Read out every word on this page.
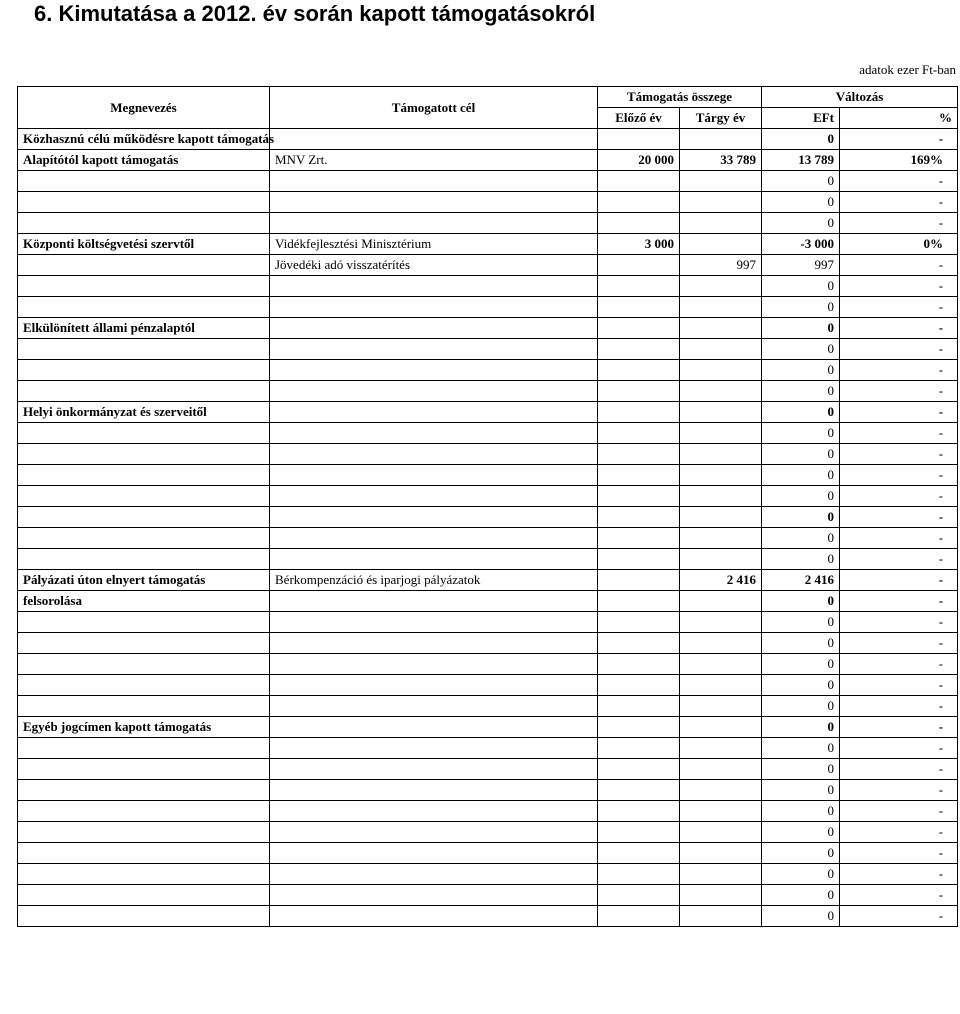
6. Kimutatása a 2012. év során kapott támogatásokról
adatok ezer Ft-ban
Megnevezés	Támogatott cél	Támogatás összege		Változás	
		Előző év	Tárgy év	EFt	%
Közhasznú célú működésre kapott támogatás				0	-
Alapítótól kapott támogatás	MNV Zrt.	20 000	33 789	13 789	169%
				0	-
				0	-
				0	-
Központi költségvetési szervtől	Vidékfejlesztési Minisztérium	3 000		-3 000	0%
	Jövedéki adó visszatérítés		997	997	-
				0	-
				0	-
Elkülönített állami pénzalaptól				0	-
				0	-
				0	-
				0	-
Helyi önkormányzat és szerveitől				0	-
				0	-
				0	-
				0	-
				0	-
				0	-
				0	-
				0	-
Pályázati úton elnyert támogatás	Bérkompenzáció és iparjogi pályázatok		2 416	2 416	-
felsorolása				0	-
				0	-
				0	-
				0	-
				0	-
				0	-
Egyéb jogcímen kapott támogatás				0	-
				0	-
				0	-
				0	-
				0	-
				0	-
				0	-
				0	-
				0	-
				0	-
